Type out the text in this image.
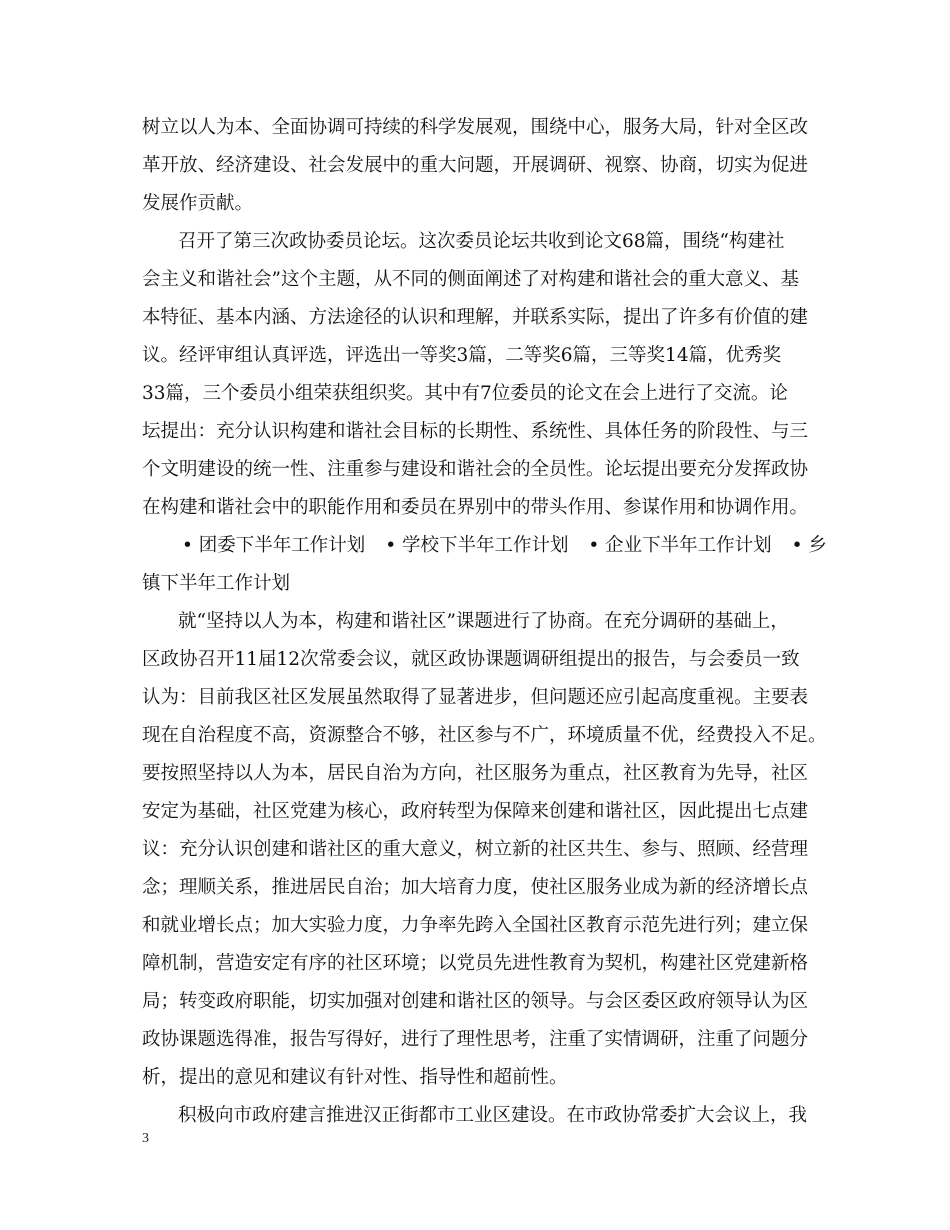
树立以人为本、全面协调可持续的科学发展观，围绕中心，服务大局，针对全区改
革开放、经济建设、社会发展中的重大问题，开展调研、视察、协商，切实为促进
发展作贡献。
召开了第三次政协委员论坛。这次委员论坛共收到论文68篇，围绕“构建社
会主义和谐社会”这个主题，从不同的侧面阐述了对构建和谐社会的重大意义、基
本特征、基本内涵、方法途径的认识和理解，并联系实际，提出了许多有价值的建
议。经评审组认真评选，评选出一等奖3篇，二等奖6篇，三等奖14篇，优秀奖
33篇，三个委员小组荣获组织奖。其中有7位委员的论文在会上进行了交流。论
坛提出：充分认识构建和谐社会目标的长期性、系统性、具体任务的阶段性、与三
个文明建设的统一性、注重参与建设和谐社会的全员性。论坛提出要充分发挥政协
在构建和谐社会中的职能作用和委员在界别中的带头作用、参谋作用和协调作用。
• 团委下半年工作计划 • 学校下半年工作计划 • 企业下半年工作计划 • 乡
镇下半年工作计划
就“坚持以人为本，构建和谐社区”课题进行了协商。在充分调研的基础上，
区政协召开11届12次常委会议，就区政协课题调研组提出的报告，与会委员一致
认为：目前我区社区发展虽然取得了显著进步，但问题还应引起高度重视。主要表
现在自治程度不高，资源整合不够，社区参与不广，环境质量不优，经费投入不足。
要按照坚持以人为本，居民自治为方向，社区服务为重点，社区教育为先导，社区
安定为基础，社区党建为核心，政府转型为保障来创建和谐社区，因此提出七点建
议：充分认识创建和谐社区的重大意义，树立新的社区共生、参与、照顾、经营理
念；理顺关系，推进居民自治；加大培育力度，使社区服务业成为新的经济增长点
和就业增长点；加大实验力度，力争率先跨入全国社区教育示范先进行列；建立保
障机制，营造安定有序的社区环境；以党员先进性教育为契机，构建社区党建新格
局；转变政府职能，切实加强对创建和谐社区的领导。与会区委区政府领导认为区
政协课题选得准，报告写得好，进行了理性思考，注重了实情调研，注重了问题分
析，提出的意见和建议有针对性、指导性和超前性。
积极向市政府建言推进汉正街都市工业区建设。在市政协常委扩大会议上，我
3
